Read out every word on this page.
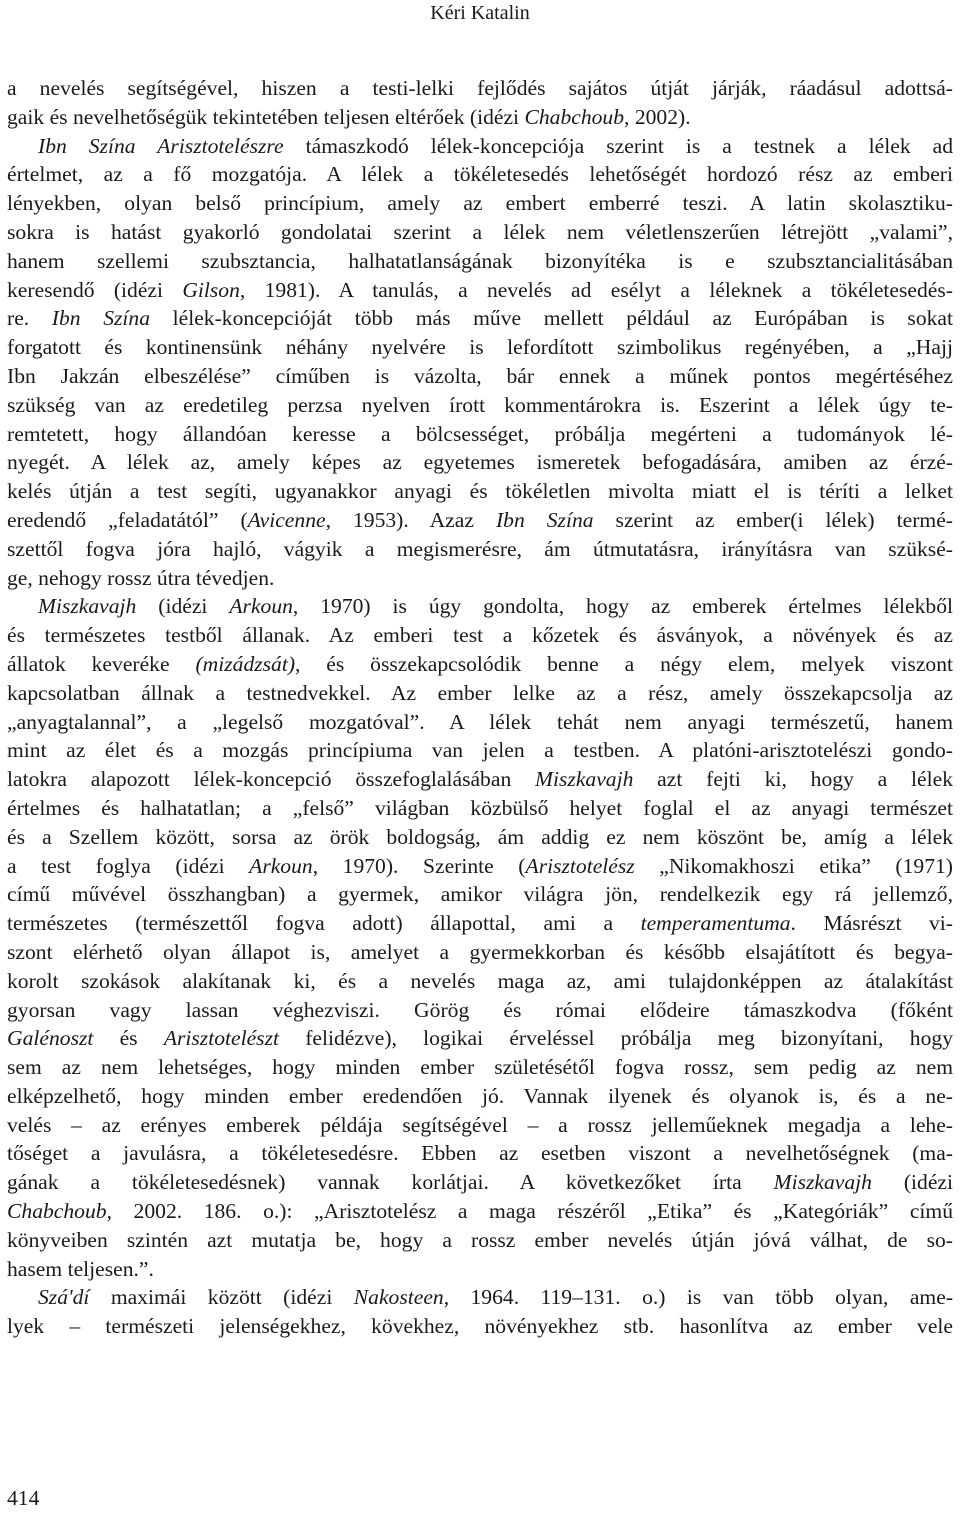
Kéri Katalin
a nevelés segítségével, hiszen a testi-lelki fejlődés sajátos útját járják, ráadásul adottsá-
gaik és nevelhetőségük tekintetében teljesen eltérőek (idézi Chabchoub, 2002).
Ibn Szína Arisztotelészre támaszkodó lélek-koncepciója szerint is a testnek a lélek ad
értelmet, az a fő mozgatója. A lélek a tökéletesedés lehetőségét hordozó rész az emberi
lényekben, olyan belső princípium, amely az embert emberré teszi. A latin skolasztiku-
sokra is hatást gyakorló gondolatai szerint a lélek nem véletlenszerűen létrejött „valami”,
hanem szellemi szubsztancia, halhatatlanságának bizonyítéka is e szubsztancialitásában
keresendő (idézi Gilson, 1981). A tanulás, a nevelés ad esélyt a léleknek a tökéletesedés-
re. Ibn Szína lélek-koncepcióját több más műve mellett például az Európában is sokat
forgatott és kontinensünk néhány nyelvére is lefordított szimbolikus regényében, a „Hajj
Ibn Jakzán elbeszélése” címűben is vázolta, bár ennek a műnek pontos megértéséhez
szükség van az eredetileg perzsa nyelven írott kommentárokra is. Eszerint a lélek úgy te-
remtetett, hogy állandóan keresse a bölcsességet, próbálja megérteni a tudományok lé-
nyegét. A lélek az, amely képes az egyetemes ismeretek befogadására, amiben az érzé-
kelés útján a test segíti, ugyanakkor anyagi és tökéletlen mivolta miatt el is téríti a lelket
eredendő „feladatától” (Avicenne, 1953). Azaz Ibn Szína szerint az ember(i lélek) termé-
szettől fogva jóra hajló, vágyik a megismerésre, ám útmutatásra, irányításra van szüksé-
ge, nehogy rossz útra tévedjen.
Miszkavajh (idézi Arkoun, 1970) is úgy gondolta, hogy az emberek értelmes lélekből
és természetes testből állanak. Az emberi test a kőzetek és ásványok, a növények és az
állatok keveréke (mizádzsát), és összekapcsolódik benne a négy elem, melyek viszont
kapcsolatban állnak a testnedvekkel. Az ember lelke az a rész, amely összekapcsolja az
„anyagtalannal”, a „legelső mozgatóval”. A lélek tehát nem anyagi természetű, hanem
mint az élet és a mozgás princípiuma van jelen a testben. A platóni-arisztotelészi gondo-
latokra alapozott lélek-koncepció összefoglalásában Miszkavajh azt fejti ki, hogy a lélek
értelmes és halhatatlan; a „felső” világban közbülső helyet foglal el az anyagi természet
és a Szellem között, sorsa az örök boldogság, ám addig ez nem köszönt be, amíg a lélek
a test foglya (idézi Arkoun, 1970). Szerinte (Arisztotelész „Nikomakhoszi etika” (1971)
című művével összhangban) a gyermek, amikor világra jön, rendelkezik egy rá jellemző,
természetes (természettől fogva adott) állapottal, ami a temperamentuma. Másrészt vi-
szont elérhető olyan állapot is, amelyet a gyermekkorban és később elsajátított és begya-
korolt szokások alakítanak ki, és a nevelés maga az, ami tulajdonképpen az átalakítást
gyorsan vagy lassan véghezviszi. Görög és római elődeire támaszkodva (főként
Galénoszt és Arisztotelészt felidézve), logikai érveléssel próbálja meg bizonyítani, hogy
sem az nem lehetséges, hogy minden ember születésétől fogva rossz, sem pedig az nem
elképzelhető, hogy minden ember eredendően jó. Vannak ilyenek és olyanok is, és a ne-
velés – az erényes emberek példája segítségével – a rossz jelleműeknek megadja a lehe-
tőséget a javulásra, a tökéletesedésre. Ebben az esetben viszont a nevelhetőségnek (ma-
gának a tökéletesedésnek) vannak korlátjai. A következőket írta Miszkavajh (idézi
Chabchoub, 2002. 186. o.): „Arisztotelész a maga részéről „Etika” és „Kategóriák” című
könyveiben szintén azt mutatja be, hogy a rossz ember nevelés útján jóvá válhat, de so-
hasem teljesen.”.
Szá'dí maximái között (idézi Nakosteen, 1964. 119–131. o.) is van több olyan, ame-
lyek – természeti jelenségekhez, kövekhez, növényekhez stb. hasonlítva az ember vele
414
